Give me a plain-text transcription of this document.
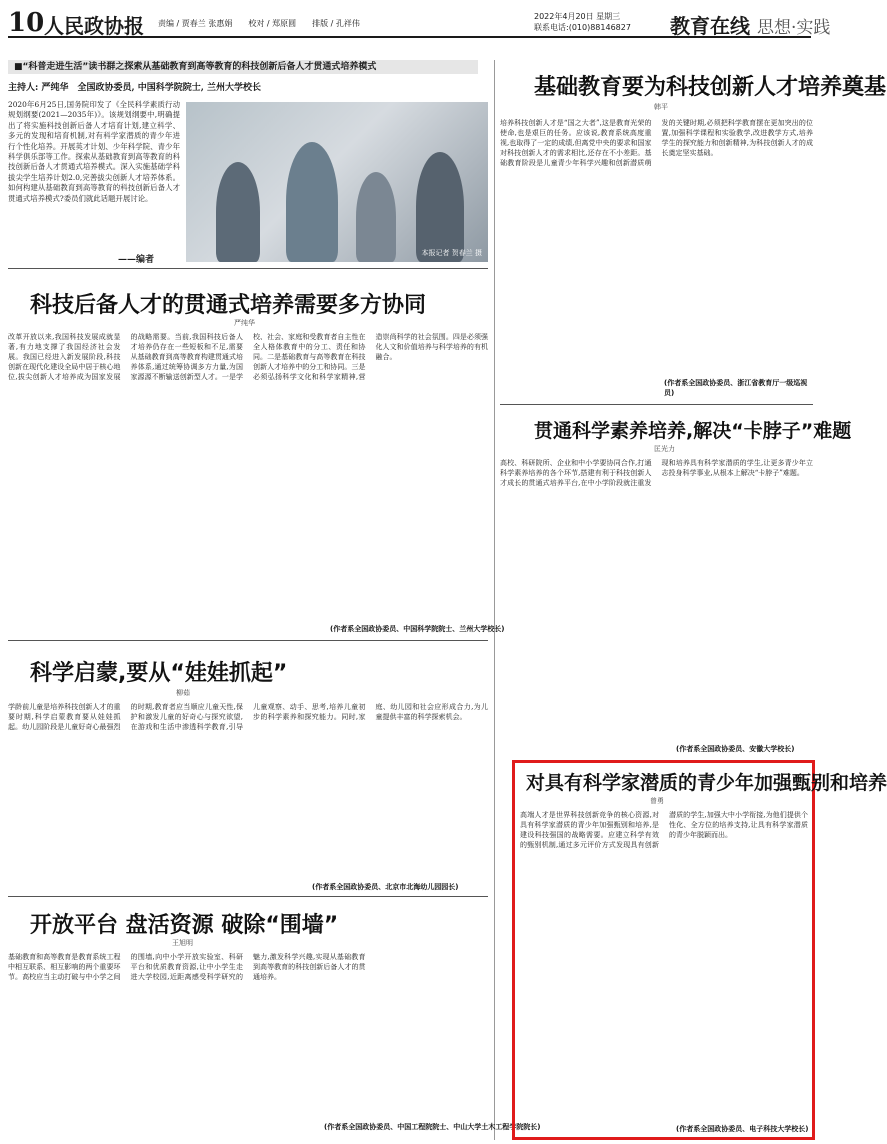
10 人民政协报 责编 / 贾春兰 张惠娟　　校对 / 郑原圆　　排版 / 孔祥伟
2022年4月20日 星期三
联系电话:(010)88146827 教育在线 思想·实践
■“科普走进生活”读书群之探索从基础教育到高等教育的科技创新后备人才贯通式培养模式
主持人: 严纯华　全国政协委员, 中国科学院院士, 兰州大学校长
2020年6月25日,国务院印发了《全民科学素质行动规划纲要(2021—2035年)》。该规划纲要中,明确提出了将实施科技创新后备人才培育计划,建立科学、多元的发现和培育机制,对有科学家潜质的青少年进行个性化培养。开展英才计划、少年科学院、青少年科学俱乐部等工作。探索从基础教育到高等教育的科技创新后备人才贯通式培养模式。深入实施基础学科拔尖学生培养计划2.0,完善拔尖创新人才培养体系。如何构建从基础教育到高等教育的科技创新后备人才贯通式培养模式?委员们就此话题开展讨论。
——编者
本报记者 贺春兰 摄
科技后备人才的贯通式培养需要多方协同
严纯华
改革开放以来,我国科技发展成就显著,有力地支撑了我国经济社会发展。我国已经进入新发展阶段,科技创新在现代化建设全局中居于核心地位,拔尖创新人才培养成为国家发展的战略需要。当前,我国科技后备人才培养仍存在一些短板和不足,需要从基础教育到高等教育构建贯通式培养体系,通过统筹协调多方力量,为国家源源不断输送创新型人才。一是学校、社会、家庭和受教育者自主性在全人格体教育中的分工、责任和协同。二是基础教育与高等教育在科技创新人才培养中的分工和协同。三是必须弘扬科学文化和科学家精神,营造崇尚科学的社会氛围。四是必须强化人文和价值培养与科学培养的有机融合。
(作者系全国政协委员、中国科学院院士、兰州大学校长)
科学启蒙,要从“娃娃抓起”
柳茹
学龄前儿童是培养科技创新人才的重要时期,科学启蒙教育要从娃娃抓起。幼儿园阶段是儿童好奇心最强烈的时期,教育者应当顺应儿童天性,保护和激发儿童的好奇心与探究欲望,在游戏和生活中渗透科学教育,引导儿童观察、动手、思考,培养儿童初步的科学素养和探究能力。同时,家庭、幼儿园和社会应形成合力,为儿童提供丰富的科学探索机会。
(作者系全国政协委员、北京市北海幼儿园园长)
开放平台 盘活资源 破除“围墙”
王旭明
基础教育和高等教育是教育系统工程中相互联系、相互影响的两个重要环节。高校应当主动打破与中小学之间的围墙,向中小学开放实验室、科研平台和优质教育资源,让中小学生走进大学校园,近距离感受科学研究的魅力,激发科学兴趣,实现从基础教育到高等教育的科技创新后备人才的贯通培养。
(作者系全国政协委员、中国工程院院士、中山大学土木工程学院院长)
基础教育要为科技创新人才培养奠基
韩平
培养科技创新人才是“国之大者”,这是教育光荣的使命,也是艰巨的任务。应该说,教育系统高度重视,也取得了一定的成绩,但离党中央的要求和国家对科技创新人才的需求相比,还存在不小差距。基础教育阶段是儿童青少年科学兴趣和创新潜质萌发的关键时期,必须把科学教育摆在更加突出的位置,加强科学课程和实验教学,改进教学方式,培养学生的探究能力和创新精神,为科技创新人才的成长奠定坚实基础。
(作者系全国政协委员、浙江省教育厅一级巡视员)
贯通科学素养培养,解决“卡脖子”难题
匡光力
高校、科研院所、企业和中小学要协同合作,打通科学素养培养的各个环节,搭建有利于科技创新人才成长的贯通式培养平台,在中小学阶段就注重发现和培养具有科学家潜质的学生,让更多青少年立志投身科学事业,从根本上解决“卡脖子”难题。
(作者系全国政协委员、安徽大学校长)
对具有科学家潜质的青少年加强甄别和培养
曾勇
高端人才是世界科技创新竞争的核心资源,对具有科学家潜质的青少年加强甄别和培养,是建设科技强国的战略需要。应建立科学有效的甄别机制,通过多元评价方式发现具有创新潜质的学生,加强大中小学衔接,为他们提供个性化、全方位的培养支持,让具有科学家潜质的青少年脱颖而出。
(作者系全国政协委员、电子科技大学校长)
